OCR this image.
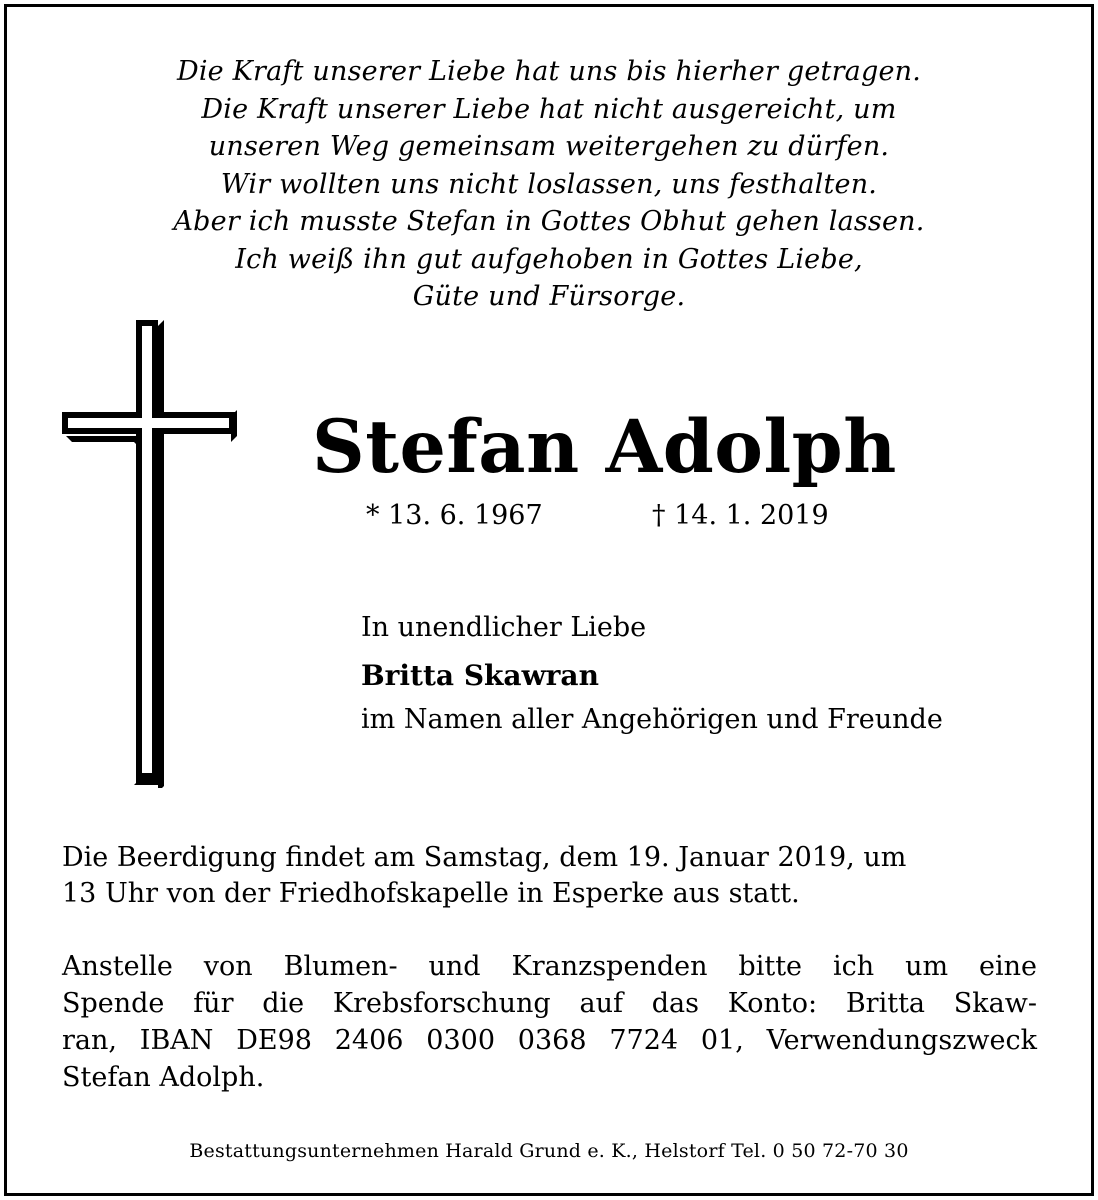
Die Kraft unserer Liebe hat uns bis hierher getragen.
Die Kraft unserer Liebe hat nicht ausgereicht, um
unseren Weg gemeinsam weitergehen zu dürfen.
Wir wollten uns nicht loslassen, uns festhalten.
Aber ich musste Stefan in Gottes Obhut gehen lassen.
Ich weiß ihn gut aufgehoben in Gottes Liebe,
Güte und Fürsorge.
Stefan Adolph
* 13. 6. 1967	† 14. 1. 2019
In unendlicher Liebe
Britta Skawran
im Namen aller Angehörigen und Freunde
Die Beerdigung findet am Samstag, dem 19. Januar 2019, um
13 Uhr von der Friedhofskapelle in Esperke aus statt.
Anstelle von Blumen- und Kranzspenden bitte ich um eine
Spende für die Krebsforschung auf das Konto: Britta Skaw-
ran, IBAN DE98 2406 0300 0368 7724 01, Verwendungszweck
Stefan Adolph.
Bestattungsunternehmen Harald Grund e. K., Helstorf Tel. 0 50 72-70 30
